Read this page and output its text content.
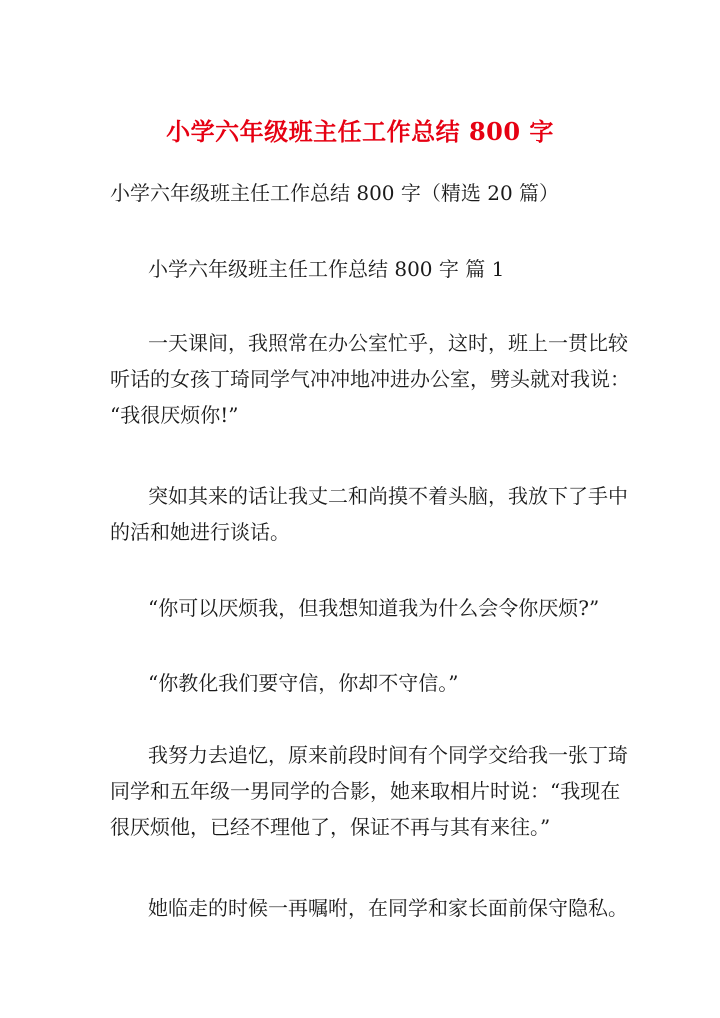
小学六年级班主任工作总结 800 字
小学六年级班主任工作总结 800 字（精选 20 篇）
小学六年级班主任工作总结 800 字 篇 1
一天课间，我照常在办公室忙乎，这时，班上一贯比较
听话的女孩丁琦同学气冲冲地冲进办公室，劈头就对我说：
“我很厌烦你!”
突如其来的话让我丈二和尚摸不着头脑，我放下了手中
的活和她进行谈话。
“你可以厌烦我，但我想知道我为什么会令你厌烦?”
“你教化我们要守信，你却不守信。”
我努力去追忆，原来前段时间有个同学交给我一张丁琦
同学和五年级一男同学的合影，她来取相片时说：“我现在
很厌烦他，已经不理他了，保证不再与其有来往。”
她临走的时候一再嘱咐，在同学和家长面前保守隐私。
